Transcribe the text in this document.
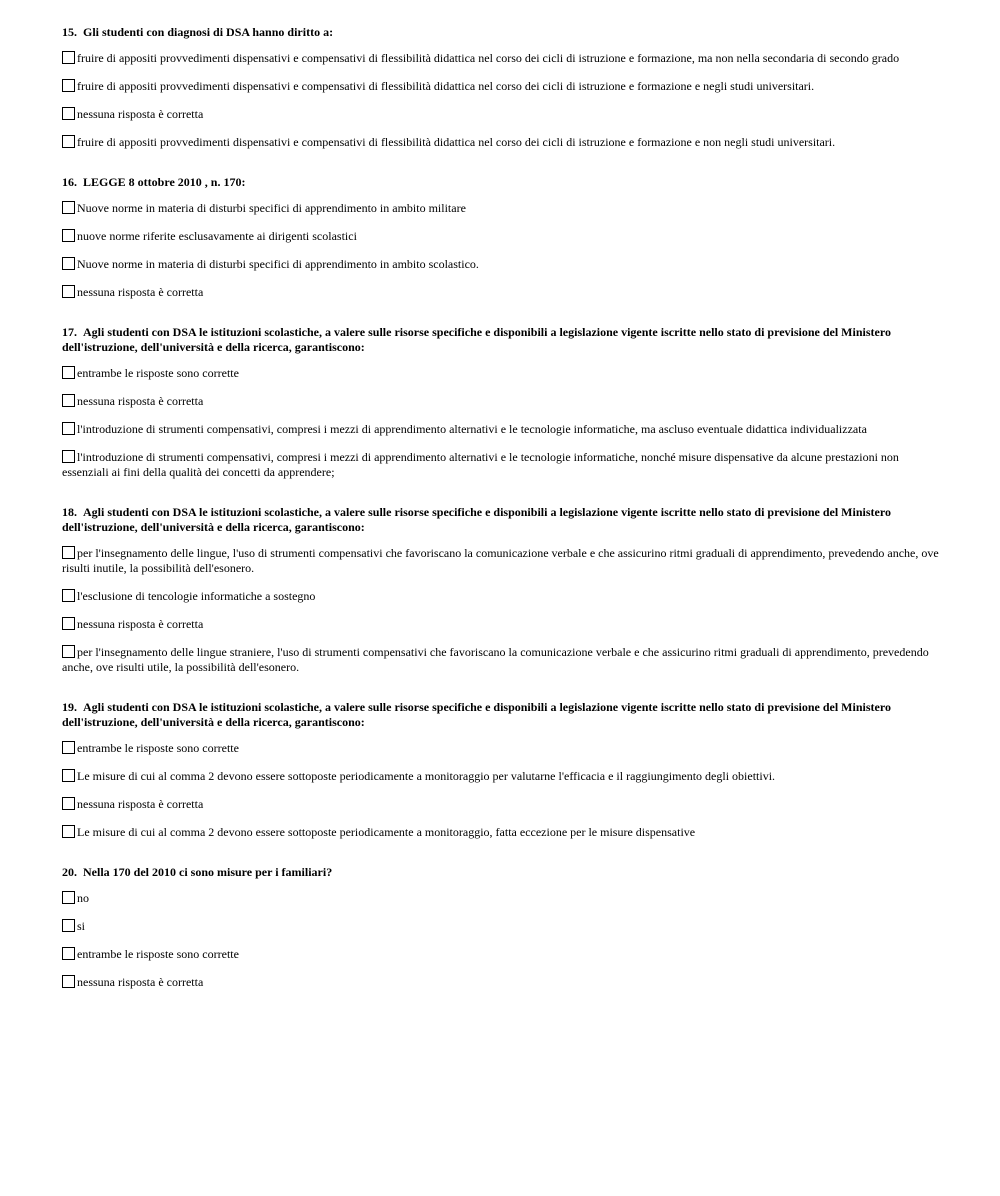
15. Gli studenti con diagnosi di DSA hanno diritto a:
fruire di appositi provvedimenti dispensativi e compensativi di flessibilità didattica nel corso dei cicli di istruzione e formazione, ma non nella secondaria di secondo grado
fruire di appositi provvedimenti dispensativi e compensativi di flessibilità didattica nel corso dei cicli di istruzione e formazione e negli studi universitari.
nessuna risposta è corretta
fruire di appositi provvedimenti dispensativi e compensativi di flessibilità didattica nel corso dei cicli di istruzione e formazione e non negli studi universitari.
16. LEGGE 8 ottobre 2010 , n. 170:
Nuove norme in materia di disturbi specifici di apprendimento in ambito militare
nuove norme riferite esclusavamente ai dirigenti scolastici
Nuove norme in materia di disturbi specifici di apprendimento in ambito scolastico.
nessuna risposta è corretta
17. Agli studenti con DSA le istituzioni scolastiche, a valere sulle risorse specifiche e disponibili a legislazione vigente iscritte nello stato di previsione del Ministero dell'istruzione, dell'università e della ricerca, garantiscono:
entrambe le risposte sono corrette
nessuna risposta è corretta
l'introduzione di strumenti compensativi, compresi i mezzi di apprendimento alternativi e le tecnologie informatiche, ma ascluso eventuale didattica individualizzata
l'introduzione di strumenti compensativi, compresi i mezzi di apprendimento alternativi e le tecnologie informatiche, nonché misure dispensative da alcune prestazioni non essenziali ai fini della qualità dei concetti da apprendere;
18. Agli studenti con DSA le istituzioni scolastiche, a valere sulle risorse specifiche e disponibili a legislazione vigente iscritte nello stato di previsione del Ministero dell'istruzione, dell'università e della ricerca, garantiscono:
per l'insegnamento delle lingue, l'uso di strumenti compensativi che favoriscano la comunicazione verbale e che assicurino ritmi graduali di apprendimento, prevedendo anche, ove risulti inutile, la possibilità dell'esonero.
l'esclusione di tencologie informatiche a sostegno
nessuna risposta è corretta
per l'insegnamento delle lingue straniere, l'uso di strumenti compensativi che favoriscano la comunicazione verbale e che assicurino ritmi graduali di apprendimento, prevedendo anche, ove risulti utile, la possibilità dell'esonero.
19. Agli studenti con DSA le istituzioni scolastiche, a valere sulle risorse specifiche e disponibili a legislazione vigente iscritte nello stato di previsione del Ministero dell'istruzione, dell'università e della ricerca, garantiscono:
entrambe le risposte sono corrette
Le misure di cui al comma 2 devono essere sottoposte periodicamente a monitoraggio per valutarne l'efficacia e il raggiungimento degli obiettivi.
nessuna risposta è corretta
Le misure di cui al comma 2 devono essere sottoposte periodicamente a monitoraggio, fatta eccezione per le misure dispensative
20. Nella 170 del 2010 ci sono misure per i familiari?
no
si
entrambe le risposte sono corrette
nessuna risposta è corretta
